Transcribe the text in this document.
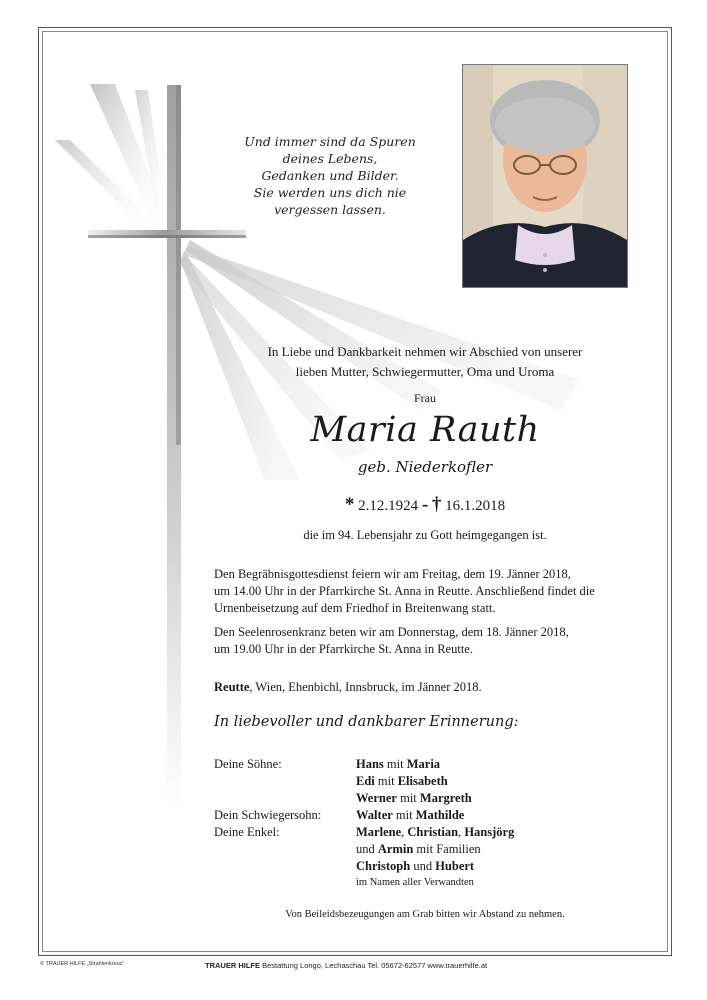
Und immer sind da Spuren
deines Lebens,
Gedanken und Bilder.
Sie werden uns dich nie
vergessen lassen.
In Liebe und Dankbarkeit nehmen wir Abschied von unserer
lieben Mutter, Schwiegermutter, Oma und Uroma
Frau
Maria Rauth
geb. Niederkofler
* 2.12.1924 - † 16.1.2018
die im 94. Lebensjahr zu Gott heimgegangen ist.
Den Begräbnisgottesdienst feiern wir am Freitag, dem 19. Jänner 2018,
um 14.00 Uhr in der Pfarrkirche St. Anna in Reutte. Anschließend findet die
Urnenbeisetzung auf dem Friedhof in Breitenwang statt.
Den Seelenrosenkranz beten wir am Donnerstag, dem 18. Jänner 2018,
um 19.00 Uhr in der Pfarrkirche St. Anna in Reutte.
Reutte, Wien, Ehenbichl, Innsbruck, im Jänner 2018.
In liebevoller und dankbarer Erinnerung:
Deine Söhne:	Hans mit Maria
Edi mit Elisabeth
Werner mit Margreth
Dein Schwiegersohn:	Walter mit Mathilde
Deine Enkel:	Marlene, Christian, Hansjörg
und Armin mit Familien
Christoph und Hubert
im Namen aller Verwandten
Von Beileidsbezeugungen am Grab bitten wir Abstand zu nehmen.
© TRAUER HILFE „Strahlenkreuz“	TRAUER HILFE Bestattung Longo, Lechaschau Tel. 05672-62577 www.trauerhilfe.at
